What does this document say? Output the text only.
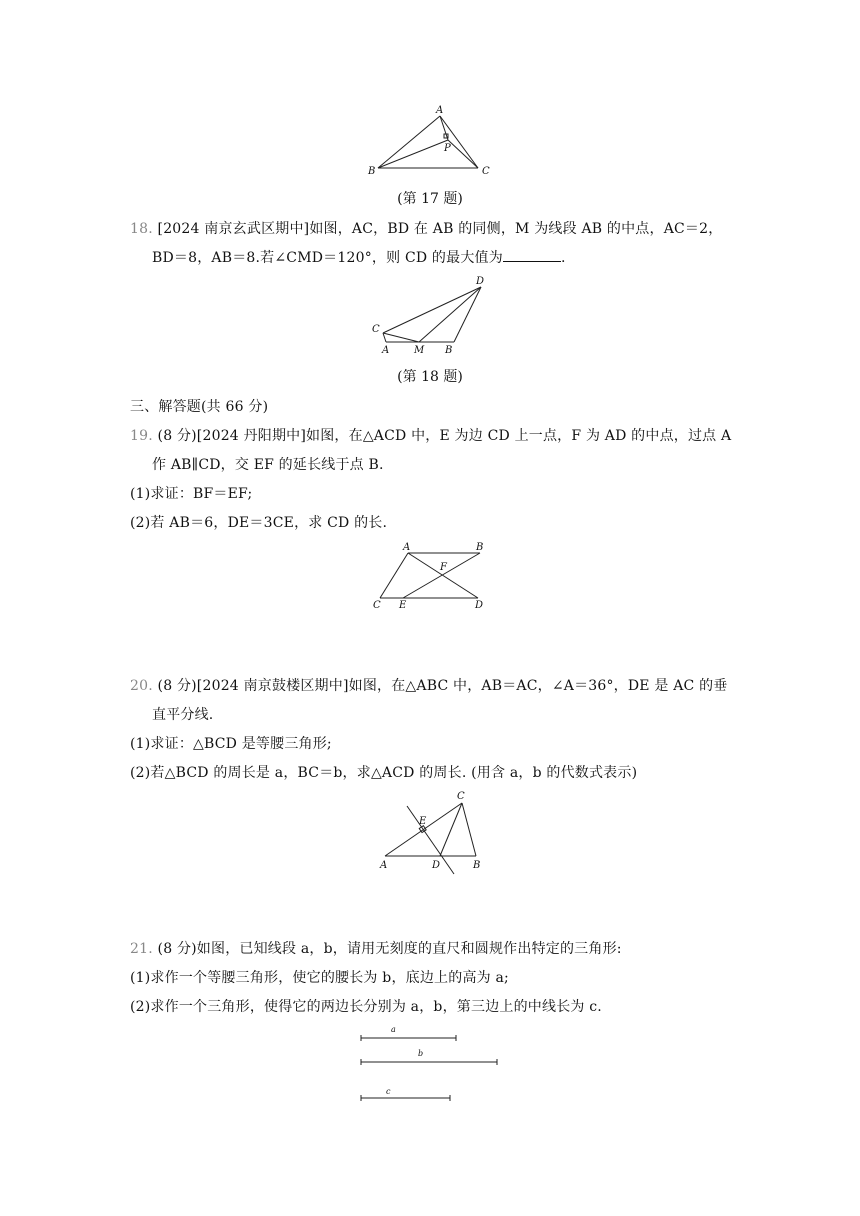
A
B	C
P
(第 17 题)
18. [2024 南京玄武区期中]如图，AC，BD 在 AB 的同侧，M 为线段 AB 的中点，AC＝2，
BD＝8，AB＝8.若∠CMD＝120°，则 CD 的最大值为	.
D
C
A M B
(第 18 题)
三、解答题(共 66 分)
19. (8 分)[2024 丹阳期中]如图，在△ACD 中，E 为边 CD 上一点，F 为 AD 的中点，过点 A
作 AB∥CD，交 EF 的延长线于点 B.
(1)求证：BF＝EF;
(2)若 AB＝6，DE＝3CE，求 CD 的长.
A	B
F
C E	D
20. (8 分)[2024 南京鼓楼区期中]如图，在△ABC 中，AB＝AC，∠A＝36°，DE 是 AC 的垂
直平分线.
(1)求证：△BCD 是等腰三角形;
(2)若△BCD 的周长是 a，BC＝b，求△ACD 的周长. (用含 a，b 的代数式表示)
C
E
A	D	B
21. (8 分)如图，已知线段 a，b，请用无刻度的直尺和圆规作出特定的三角形:
(1)求作一个等腰三角形，使它的腰长为 b，底边上的高为 a;
(2)求作一个三角形，使得它的两边长分别为 a，b，第三边上的中线长为 c.
a
b
c
